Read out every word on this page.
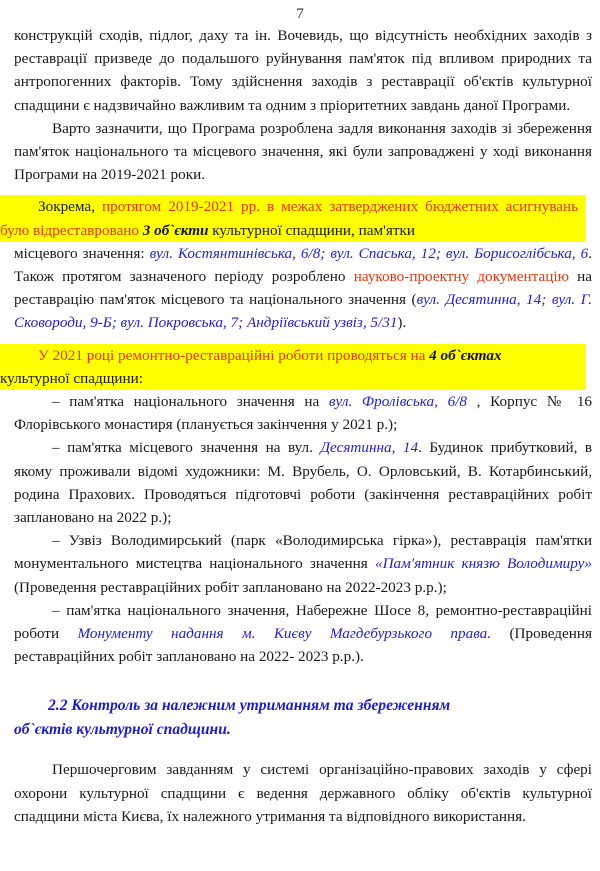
7

конструкцій сходів, підлог, даху та ін. Вочевидь, що відсутність необхідних заходів з реставрації призведе до подальшого руйнування пам'яток під впливом природних та антропогенних факторів. Тому здійснення заходів з реставрації об'єктів культурної спадщини є надзвичайно важливим та одним з пріоритетних завдань даної Програми.

Варто зазначити, що Програма розроблена задля виконання заходів зі збереження пам'яток національного та місцевого значення, які були запроваджені у ході виконання Програми на 2019-2021 роки.

Зокрема, протягом 2019-2021 рр. в межах затверджених бюджетних асигнувань було відреставровано 3 об`єкти культурної спадщини, пам'ятки

місцевого значення: вул. Костянтинівська, 6/8; вул. Спаська, 12; вул. Борисоглібська, 6. Також протягом зазначеного періоду розроблено науково-проектну документацію на реставрацію пам'яток місцевого та національного значення (вул. Десятинна, 14; вул. Г. Сковороди, 9-Б; вул. Покровська, 7; Андріївський узвіз, 5/31).

У 2021 році ремонтно-реставраційні роботи проводяться на 4 об`єктах
культурної спадщини:

– пам'ятка національного значення на вул. Фролівська, 6/8 , Корпус № 16 Флорівського монастиря (планується закінчення у 2021 р.);

– пам'ятка місцевого значення на вул. Десятинна, 14. Будинок прибутковий, в якому проживали відомі художники: М. Врубель, О. Орловський, В. Котарбинський, родина Прахових. Проводяться підготовчі роботи (закінчення реставраційних робіт заплановано на 2022 р.);

– Узвіз Володимирський (парк «Володимирська гірка»), реставрація пам'ятки монументального мистецтва національного значення «Пам'ятник князю Володимиру» (Проведення реставраційних робіт заплановано на 2022-2023 р.р.);

– пам'ятка національного значення, Набережне Шосе 8, ремонтно-реставраційні роботи Монументу надання м. Києву Магдебурзького права. (Проведення реставраційних робіт заплановано на 2022- 2023 р.р.).

2.2 Контроль за належним утриманням та збереженням
об`єктів культурної спадщини.

Першочерговим завданням у системі організаційно-правових заходів у сфері охорони культурної спадщини є ведення державного обліку об'єктів культурної спадщини міста Києва, їх належного утримання та відповідного використання.
